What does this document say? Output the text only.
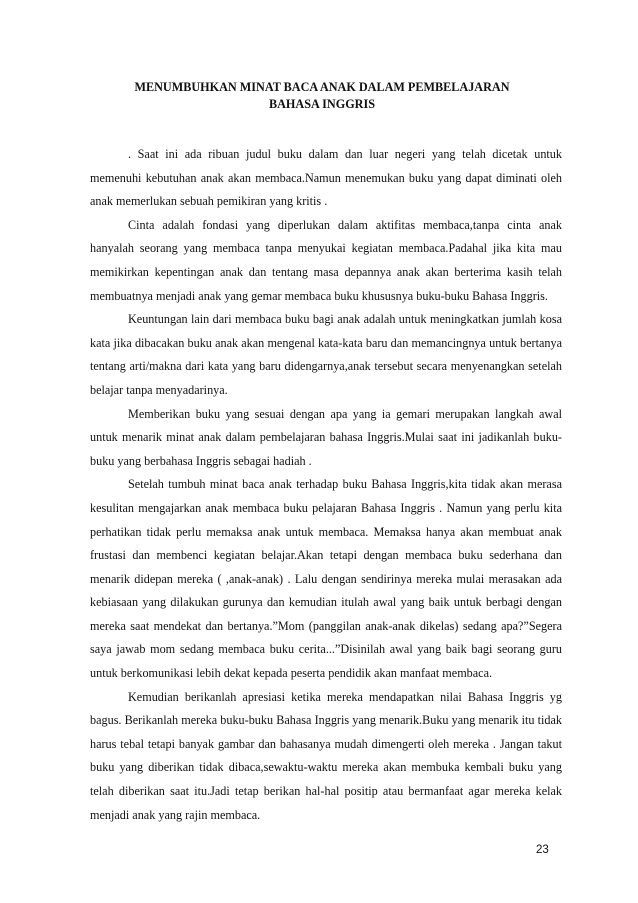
MENUMBUHKAN MINAT BACA ANAK DALAM PEMBELAJARAN
BAHASA INGGRIS

. Saat ini ada ribuan judul buku dalam dan luar negeri yang telah dicetak untuk memenuhi kebutuhan anak akan membaca.Namun menemukan buku yang dapat diminati oleh anak memerlukan sebuah pemikiran yang kritis .

Cinta adalah fondasi yang diperlukan dalam aktifitas membaca,tanpa cinta anak hanyalah seorang yang membaca tanpa menyukai kegiatan membaca.Padahal jika kita mau memikirkan kepentingan anak dan tentang masa depannya anak akan berterima kasih telah membuatnya menjadi anak yang gemar membaca buku khususnya buku-buku Bahasa Inggris.

Keuntungan lain dari membaca buku bagi anak adalah untuk meningkatkan jumlah kosa kata jika dibacakan buku anak akan mengenal kata-kata baru dan memancingnya untuk bertanya tentang arti/makna dari kata yang baru didengarnya,anak tersebut secara menyenangkan setelah belajar tanpa menyadarinya.

Memberikan buku yang sesuai dengan apa yang ia gemari merupakan langkah awal untuk menarik minat anak dalam pembelajaran bahasa Inggris.Mulai saat ini jadikanlah buku-buku yang berbahasa Inggris sebagai hadiah .

Setelah tumbuh minat baca anak terhadap buku Bahasa Inggris,kita tidak akan merasa kesulitan mengajarkan anak membaca buku pelajaran Bahasa Inggris . Namun yang perlu kita perhatikan tidak perlu memaksa anak untuk membaca. Memaksa hanya akan membuat anak frustasi dan membenci kegiatan belajar.Akan tetapi dengan membaca buku sederhana dan menarik didepan mereka ( ,anak-anak) . Lalu dengan sendirinya mereka mulai merasakan ada kebiasaan yang dilakukan gurunya dan kemudian itulah awal yang baik untuk berbagi dengan mereka saat mendekat dan bertanya.”Mom (panggilan anak-anak dikelas) sedang apa?”Segera saya jawab mom sedang membaca buku cerita...”Disinilah awal yang baik bagi seorang guru untuk berkomunikasi lebih dekat kepada peserta pendidik akan manfaat membaca.

Kemudian berikanlah apresiasi ketika mereka mendapatkan nilai Bahasa Inggris yg bagus. Berikanlah mereka buku-buku Bahasa Inggris yang menarik.Buku yang menarik itu tidak harus tebal tetapi banyak gambar dan bahasanya mudah dimengerti oleh mereka . Jangan takut buku yang diberikan tidak dibaca,sewaktu-waktu mereka akan membuka kembali buku yang telah diberikan saat itu.Jadi tetap berikan hal-hal positip atau bermanfaat agar mereka kelak menjadi anak yang rajin membaca.

23
